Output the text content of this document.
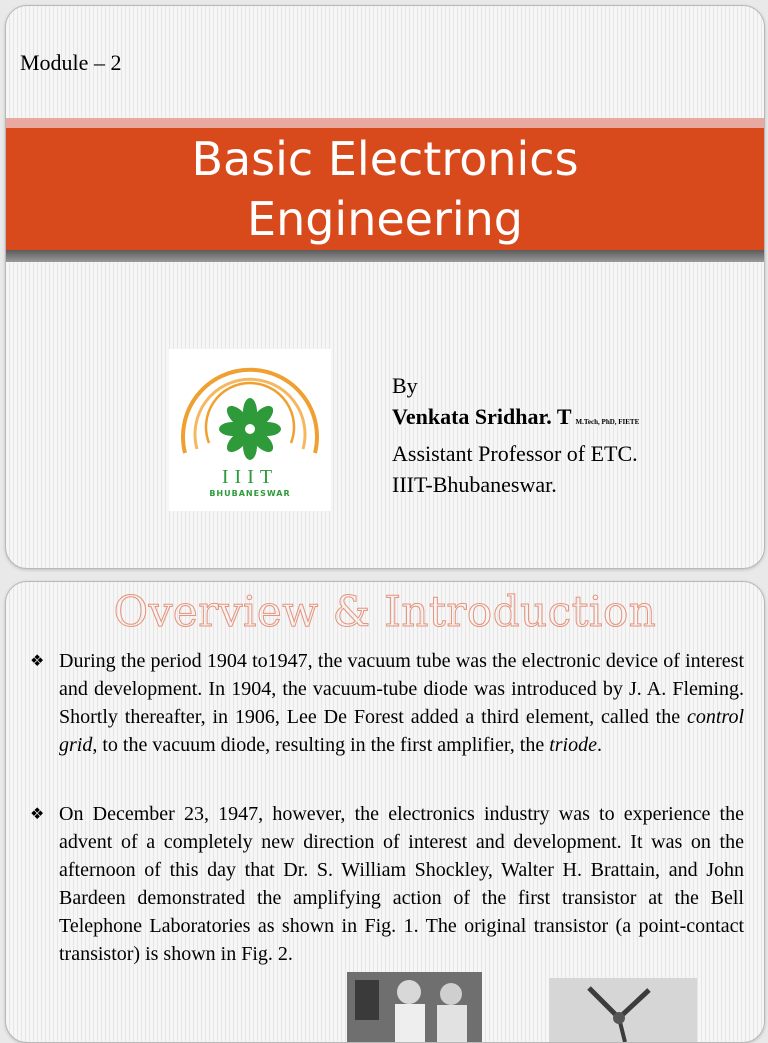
Module – 2
Basic Electronics
Engineering
IIIT
BHUBANESWAR
By
Venkata Sridhar. T M.Tech, PhD, FIETE
Assistant Professor of ETC.
IIIT-Bhubaneswar.
Overview & Introduction
❖ During the period 1904 to1947, the vacuum tube was the electronic device of interest and development. In 1904, the vacuum-tube diode was introduced by J. A. Fleming. Shortly thereafter, in 1906, Lee De Forest added a third element, called the control grid, to the vacuum diode, resulting in the first amplifier, the triode.
❖ On December 23, 1947, however, the electronics industry was to experience the advent of a completely new direction of interest and development. It was on the afternoon of this day that Dr. S. William Shockley, Walter H. Brattain, and John Bardeen demonstrated the amplifying action of the first transistor at the Bell Telephone Laboratories as shown in Fig. 1. The original transistor (a point-contact transistor) is shown in Fig. 2.
